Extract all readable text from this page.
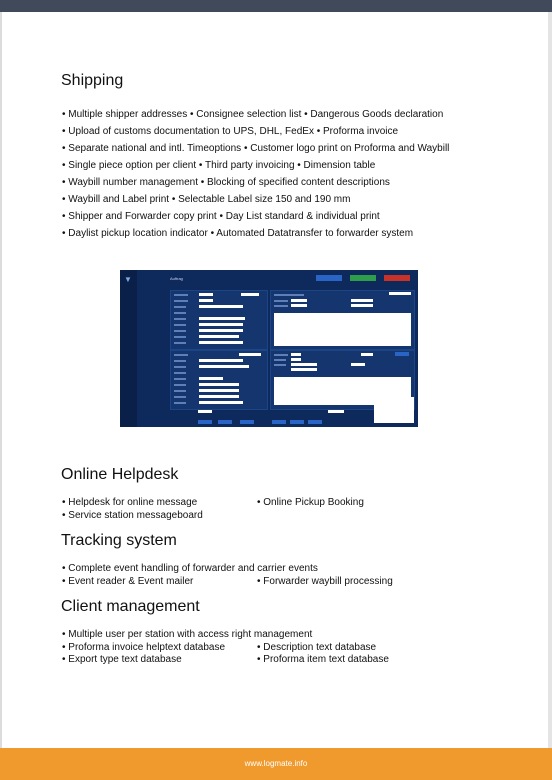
Shipping
• Multiple shipper addresses • Consignee selection list • Dangerous Goods declaration
• Upload of customs documentation to UPS, DHL, FedEx • Proforma invoice
• Separate national and intl. Timeoptions • Customer logo print on Proforma and Waybill
• Single piece option per client • Third party invoicing • Dimension table
• Waybill number management • Blocking of specified content descriptions
• Waybill and Label print • Selectable Label size 150 and 190 mm
• Shipper and Forwarder copy print • Day List standard & individual print
• Daylist pickup location indicator • Automated Datatransfer to forwarder system
▼	Auftrag
Online Helpdesk
• Helpdesk for online message	• Online Pickup Booking
• Service station messageboard
Tracking system
• Complete event handling of forwarder and carrier events
• Event reader & Event mailer	• Forwarder waybill processing
Client management
• Multiple user per station with access right management
• Proforma invoice helptext database	• Description text database
• Export type text database	• Proforma item text database
www.logmate.info
